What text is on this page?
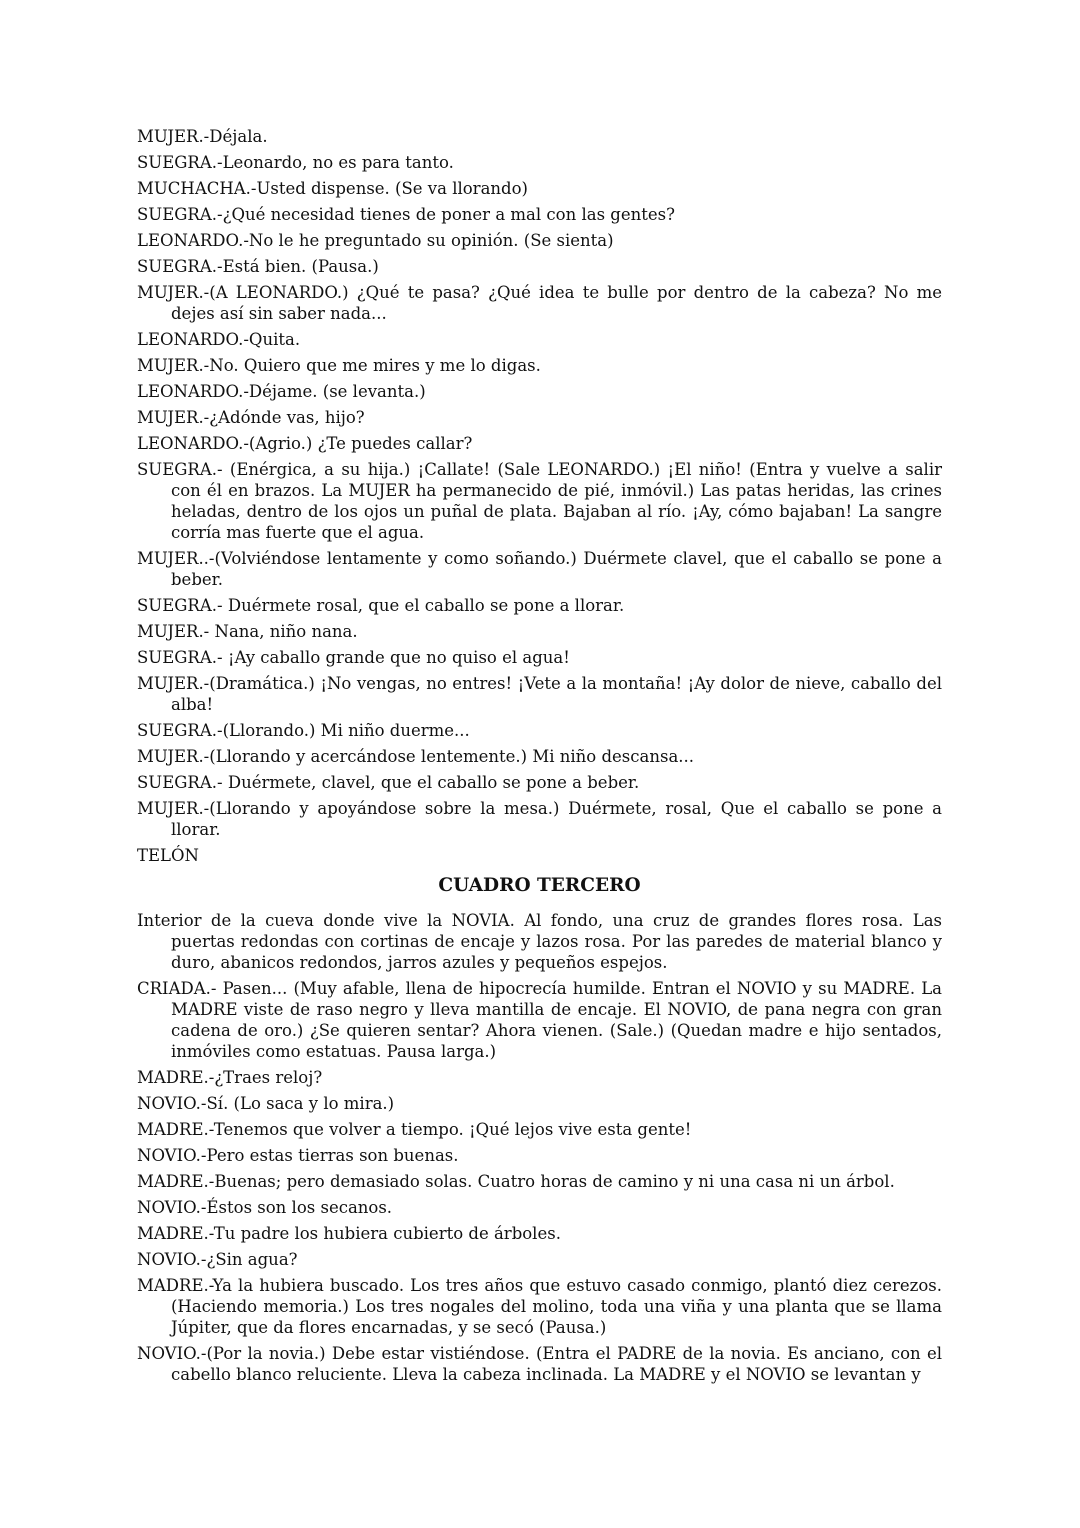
MUJER.-Déjala.

SUEGRA.-Leonardo, no es para tanto.

MUCHACHA.-Usted dispense. (Se va llorando)

SUEGRA.-¿Qué necesidad tienes de poner a mal con las gentes?

LEONARDO.-No le he preguntado su opinión. (Se sienta)

SUEGRA.-Está bien. (Pausa.)

MUJER.-(A LEONARDO.) ¿Qué te pasa? ¿Qué idea te bulle por dentro de la cabeza? No me dejes así sin saber nada...

LEONARDO.-Quita.

MUJER.-No. Quiero que me mires y me lo digas.

LEONARDO.-Déjame. (se levanta.)

MUJER.-¿Adónde vas, hijo?

LEONARDO.-(Agrio.) ¿Te puedes callar?

SUEGRA.- (Enérgica, a su hija.) ¡Callate! (Sale LEONARDO.) ¡El niño! (Entra y vuelve a salir con él en brazos. La MUJER ha permanecido de pié, inmóvil.) Las patas heridas, las crines heladas, dentro de los ojos un puñal de plata. Bajaban al río. ¡Ay, cómo bajaban! La sangre corría mas fuerte que el agua.

MUJER..-(Volviéndose lentamente y como soñando.) Duérmete clavel, que el caballo se pone a beber.

SUEGRA.- Duérmete rosal, que el caballo se pone a llorar.

MUJER.- Nana, niño nana.

SUEGRA.- ¡Ay caballo grande que no quiso el agua!

MUJER.-(Dramática.) ¡No vengas, no entres! ¡Vete a la montaña! ¡Ay dolor de nieve, caballo del alba!

SUEGRA.-(Llorando.) Mi niño duerme...

MUJER.-(Llorando y acercándose lentemente.) Mi niño descansa...

SUEGRA.- Duérmete, clavel, que el caballo se pone a beber.

MUJER.-(Llorando y apoyándose sobre la mesa.) Duérmete, rosal, Que el caballo se pone a llorar.

TELÓN

CUADRO TERCERO

Interior de la cueva donde vive la NOVIA. Al fondo, una cruz de grandes flores rosa. Las puertas redondas con cortinas de encaje y lazos rosa. Por las paredes de material blanco y duro, abanicos redondos, jarros azules y pequeños espejos.

CRIADA.- Pasen... (Muy afable, llena de hipocrecía humilde. Entran el NOVIO y su MADRE. La MADRE viste de raso negro y lleva mantilla de encaje. El NOVIO, de pana negra con gran cadena de oro.) ¿Se quieren sentar? Ahora vienen. (Sale.) (Quedan madre e hijo sentados, inmóviles como estatuas. Pausa larga.)

MADRE.-¿Traes reloj?

NOVIO.-Sí. (Lo saca y lo mira.)

MADRE.-Tenemos que volver a tiempo. ¡Qué lejos vive esta gente!

NOVIO.-Pero estas tierras son buenas.

MADRE.-Buenas; pero demasiado solas. Cuatro horas de camino y ni una casa ni un árbol.

NOVIO.-Éstos son los secanos.

MADRE.-Tu padre los hubiera cubierto de árboles.

NOVIO.-¿Sin agua?

MADRE.-Ya la hubiera buscado. Los tres años que estuvo casado conmigo, plantó diez cerezos. (Haciendo memoria.) Los tres nogales del molino, toda una viña y una planta que se llama Júpiter, que da flores encarnadas, y se secó (Pausa.)

NOVIO.-(Por la novia.) Debe estar vistiéndose. (Entra el PADRE de la novia. Es anciano, con el cabello blanco reluciente. Lleva la cabeza inclinada. La MADRE y el NOVIO se levantan y
